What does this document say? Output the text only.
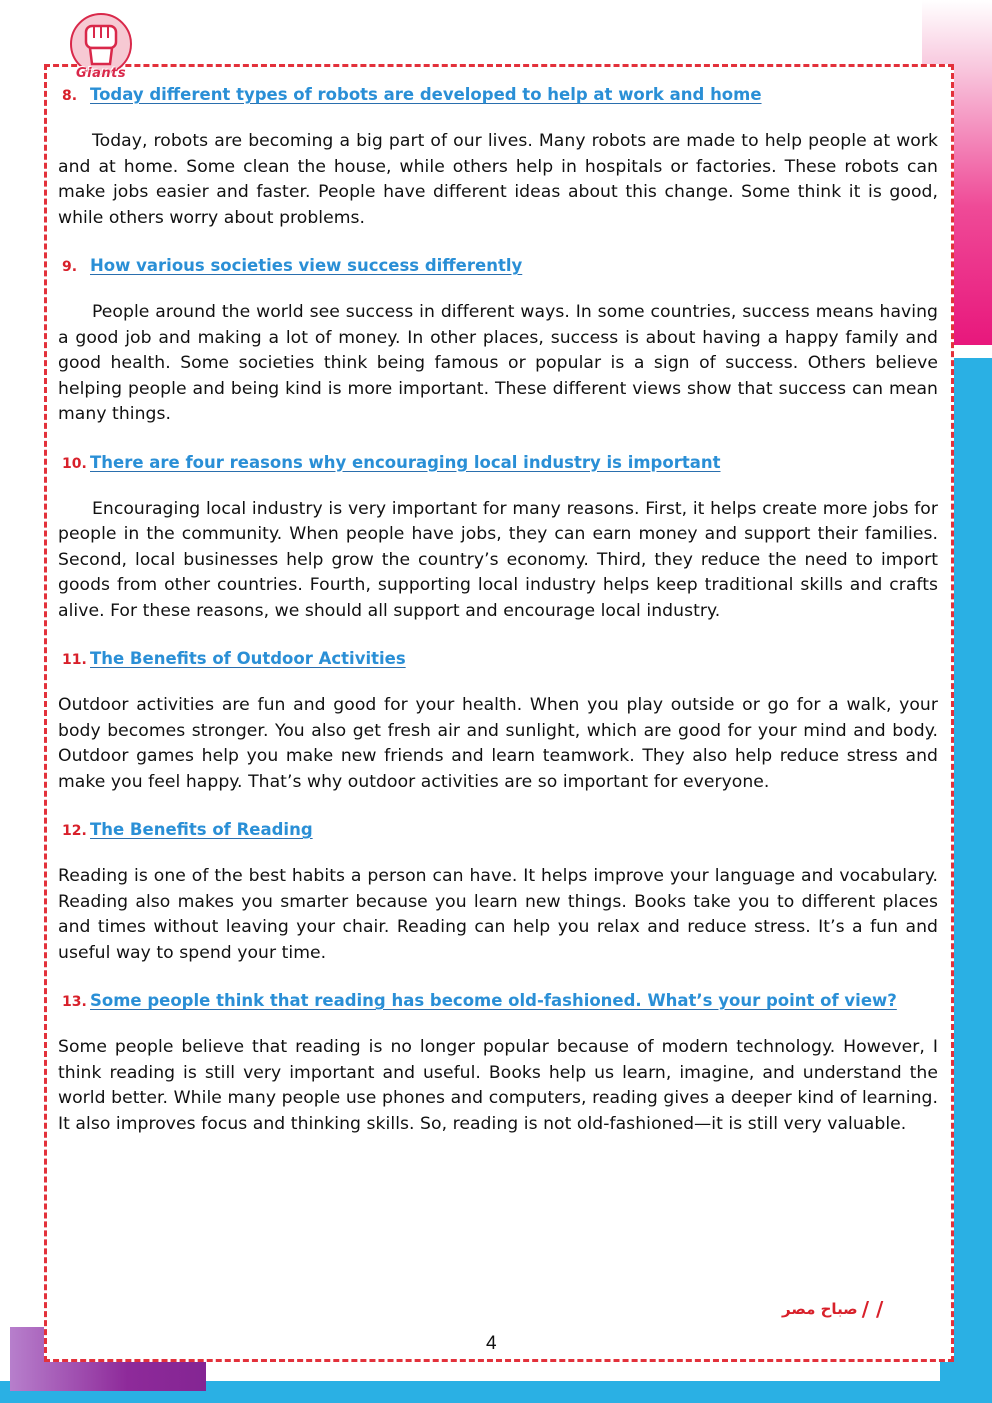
Giants
8. Today different types of robots are developed to help at work and home

Today, robots are becoming a big part of our lives. Many robots are made to help people at work and at home. Some clean the house, while others help in hospitals or factories. These robots can make jobs easier and faster. People have different ideas about this change. Some think it is good, while others worry about problems.

9. How various societies view success differently

People around the world see success in different ways. In some countries, success means having a good job and making a lot of money. In other places, success is about having a happy family and good health. Some societies think being famous or popular is a sign of success. Others believe helping people and being kind is more important. These different views show that success can mean many things.

10. There are four reasons why encouraging local industry is important

Encouraging local industry is very important for many reasons. First, it helps create more jobs for people in the community. When people have jobs, they can earn money and support their families. Second, local businesses help grow the country’s economy. Third, they reduce the need to import goods from other countries. Fourth, supporting local industry helps keep traditional skills and crafts alive. For these reasons, we should all support and encourage local industry.

11. The Benefits of Outdoor Activities

Outdoor activities are fun and good for your health. When you play outside or go for a walk, your body becomes stronger. You also get fresh air and sunlight, which are good for your mind and body. Outdoor games help you make new friends and learn teamwork. They also help reduce stress and make you feel happy. That’s why outdoor activities are so important for everyone.

12. The Benefits of Reading

Reading is one of the best habits a person can have. It helps improve your language and vocabulary. Reading also makes you smarter because you learn new things. Books take you to different places and times without leaving your chair. Reading can help you relax and reduce stress. It’s a fun and useful way to spend your time.

13. Some people think that reading has become old-fashioned. What’s your point of view?

Some people believe that reading is no longer popular because of modern technology. However, I think reading is still very important and useful. Books help us learn, imagine, and understand the world better. While many people use phones and computers, reading gives a deeper kind of learning. It also improves focus and thinking skills. So, reading is not old-fashioned—it is still very valuable.

صباح مصر / /
4
